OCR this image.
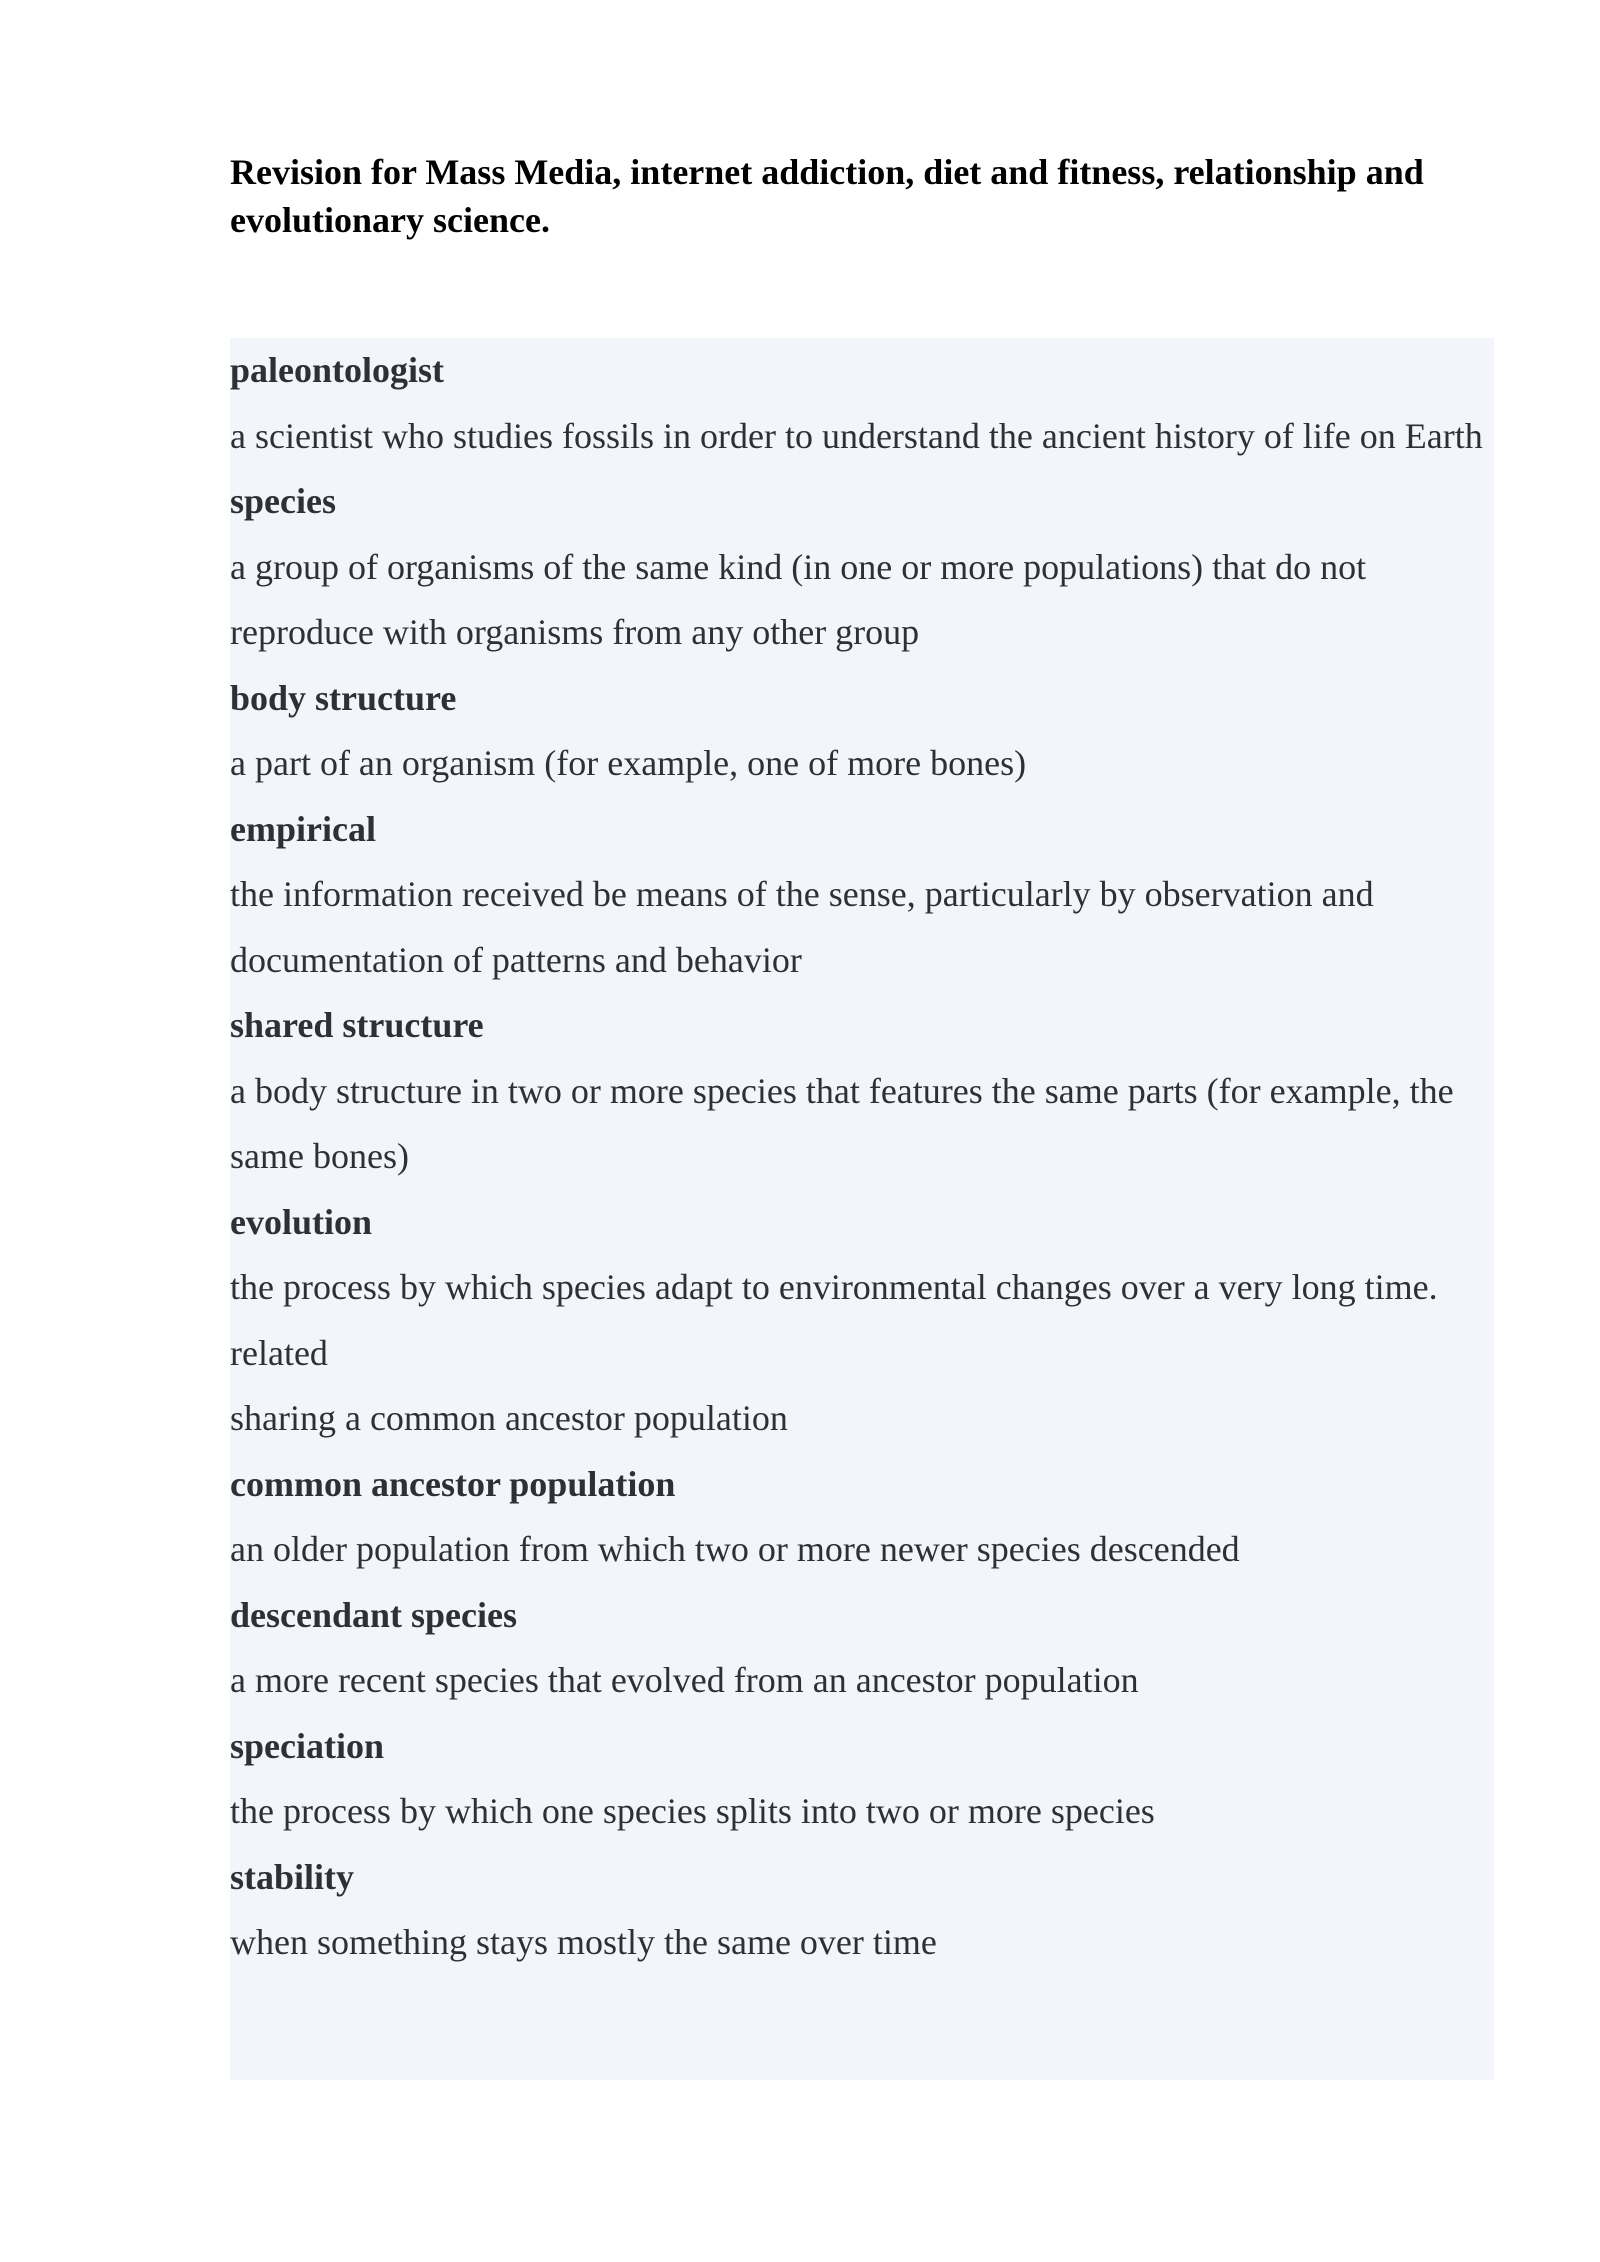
Revision for Mass Media, internet addiction, diet and fitness, relationship and evolutionary science.
paleontologist
a scientist who studies fossils in order to understand the ancient history of life on Earth
species
a group of organisms of the same kind (in one or more populations) that do not reproduce with organisms from any other group
body structure
a part of an organism (for example, one of more bones)
empirical
the information received be means of the sense, particularly by observation and documentation of patterns and behavior
shared structure
a body structure in two or more species that features the same parts (for example, the same bones)
evolution
the process by which species adapt to environmental changes over a very long time.
related
sharing a common ancestor population
common ancestor population
an older population from which two or more newer species descended
descendant species
a more recent species that evolved from an ancestor population
speciation
the process by which one species splits into two or more species
stability
when something stays mostly the same over time
